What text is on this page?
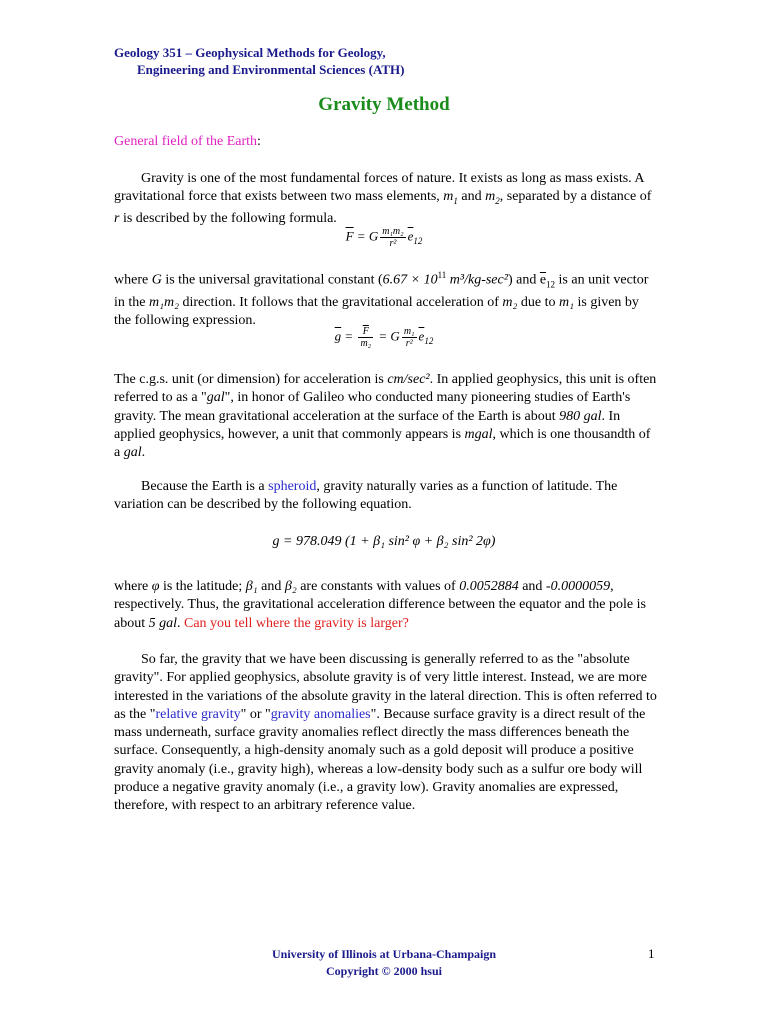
Geology 351 – Geophysical Methods for Geology,
Engineering and Environmental Sciences (ATH)
Gravity Method
General field of the Earth:
Gravity is one of the most fundamental forces of nature. It exists as long as mass exists. A gravitational force that exists between two mass elements, $m_1$ and $m_2$, separated by a distance of r is described by the following formula.
$\overline{F} = G \frac{\text{m₁m₂}}{\text{r²}} \overline{e}_{12}$
where G is the universal gravitational constant ($6.67 \times 10^{11}$ m³/kg-sec²) and $\overline{e}_{12}$ is an unit vector in the m₁m₂ direction. It follows that the gravitational acceleration of m₂ due to m₁ is given by the following expression.
$\overline{g} = \frac{\overline{F}}{\text{m₂}} = G \frac{\text{m₁}}{\text{r²}} \overline{e}_{12}$
The c.g.s. unit (or dimension) for acceleration is cm/sec². In applied geophysics, this unit is often referred to as a "gal", in honor of Galileo who conducted many pioneering studies of Earth's gravity. The mean gravitational acceleration at the surface of the Earth is about 980 gal. In applied geophysics, however, a unit that commonly appears is mgal, which is one thousandth of a gal.
Because the Earth is a spheroid, gravity naturally varies as a function of latitude. The variation can be described by the following equation.
g = 978.049 (1 + β₁ sin² φ + β₂ sin² 2φ)
where φ is the latitude; β₁ and β₂ are constants with values of 0.0052884 and -0.0000059, respectively. Thus, the gravitational acceleration difference between the equator and the pole is about 5 gal. Can you tell where the gravity is larger?
So far, the gravity that we have been discussing is generally referred to as the "absolute gravity". For applied geophysics, absolute gravity is of very little interest. Instead, we are more interested in the variations of the absolute gravity in the lateral direction. This is often referred to as the "relative gravity" or "gravity anomalies". Because surface gravity is a direct result of the mass underneath, surface gravity anomalies reflect directly the mass differences beneath the surface. Consequently, a high-density anomaly such as a gold deposit will produce a positive gravity anomaly (i.e., gravity high), whereas a low-density body such as a sulfur ore body will produce a negative gravity anomaly (i.e., a gravity low). Gravity anomalies are expressed, therefore, with respect to an arbitrary reference value.
University of Illinois at Urbana-Champaign
Copyright © 2000 hsui
1
